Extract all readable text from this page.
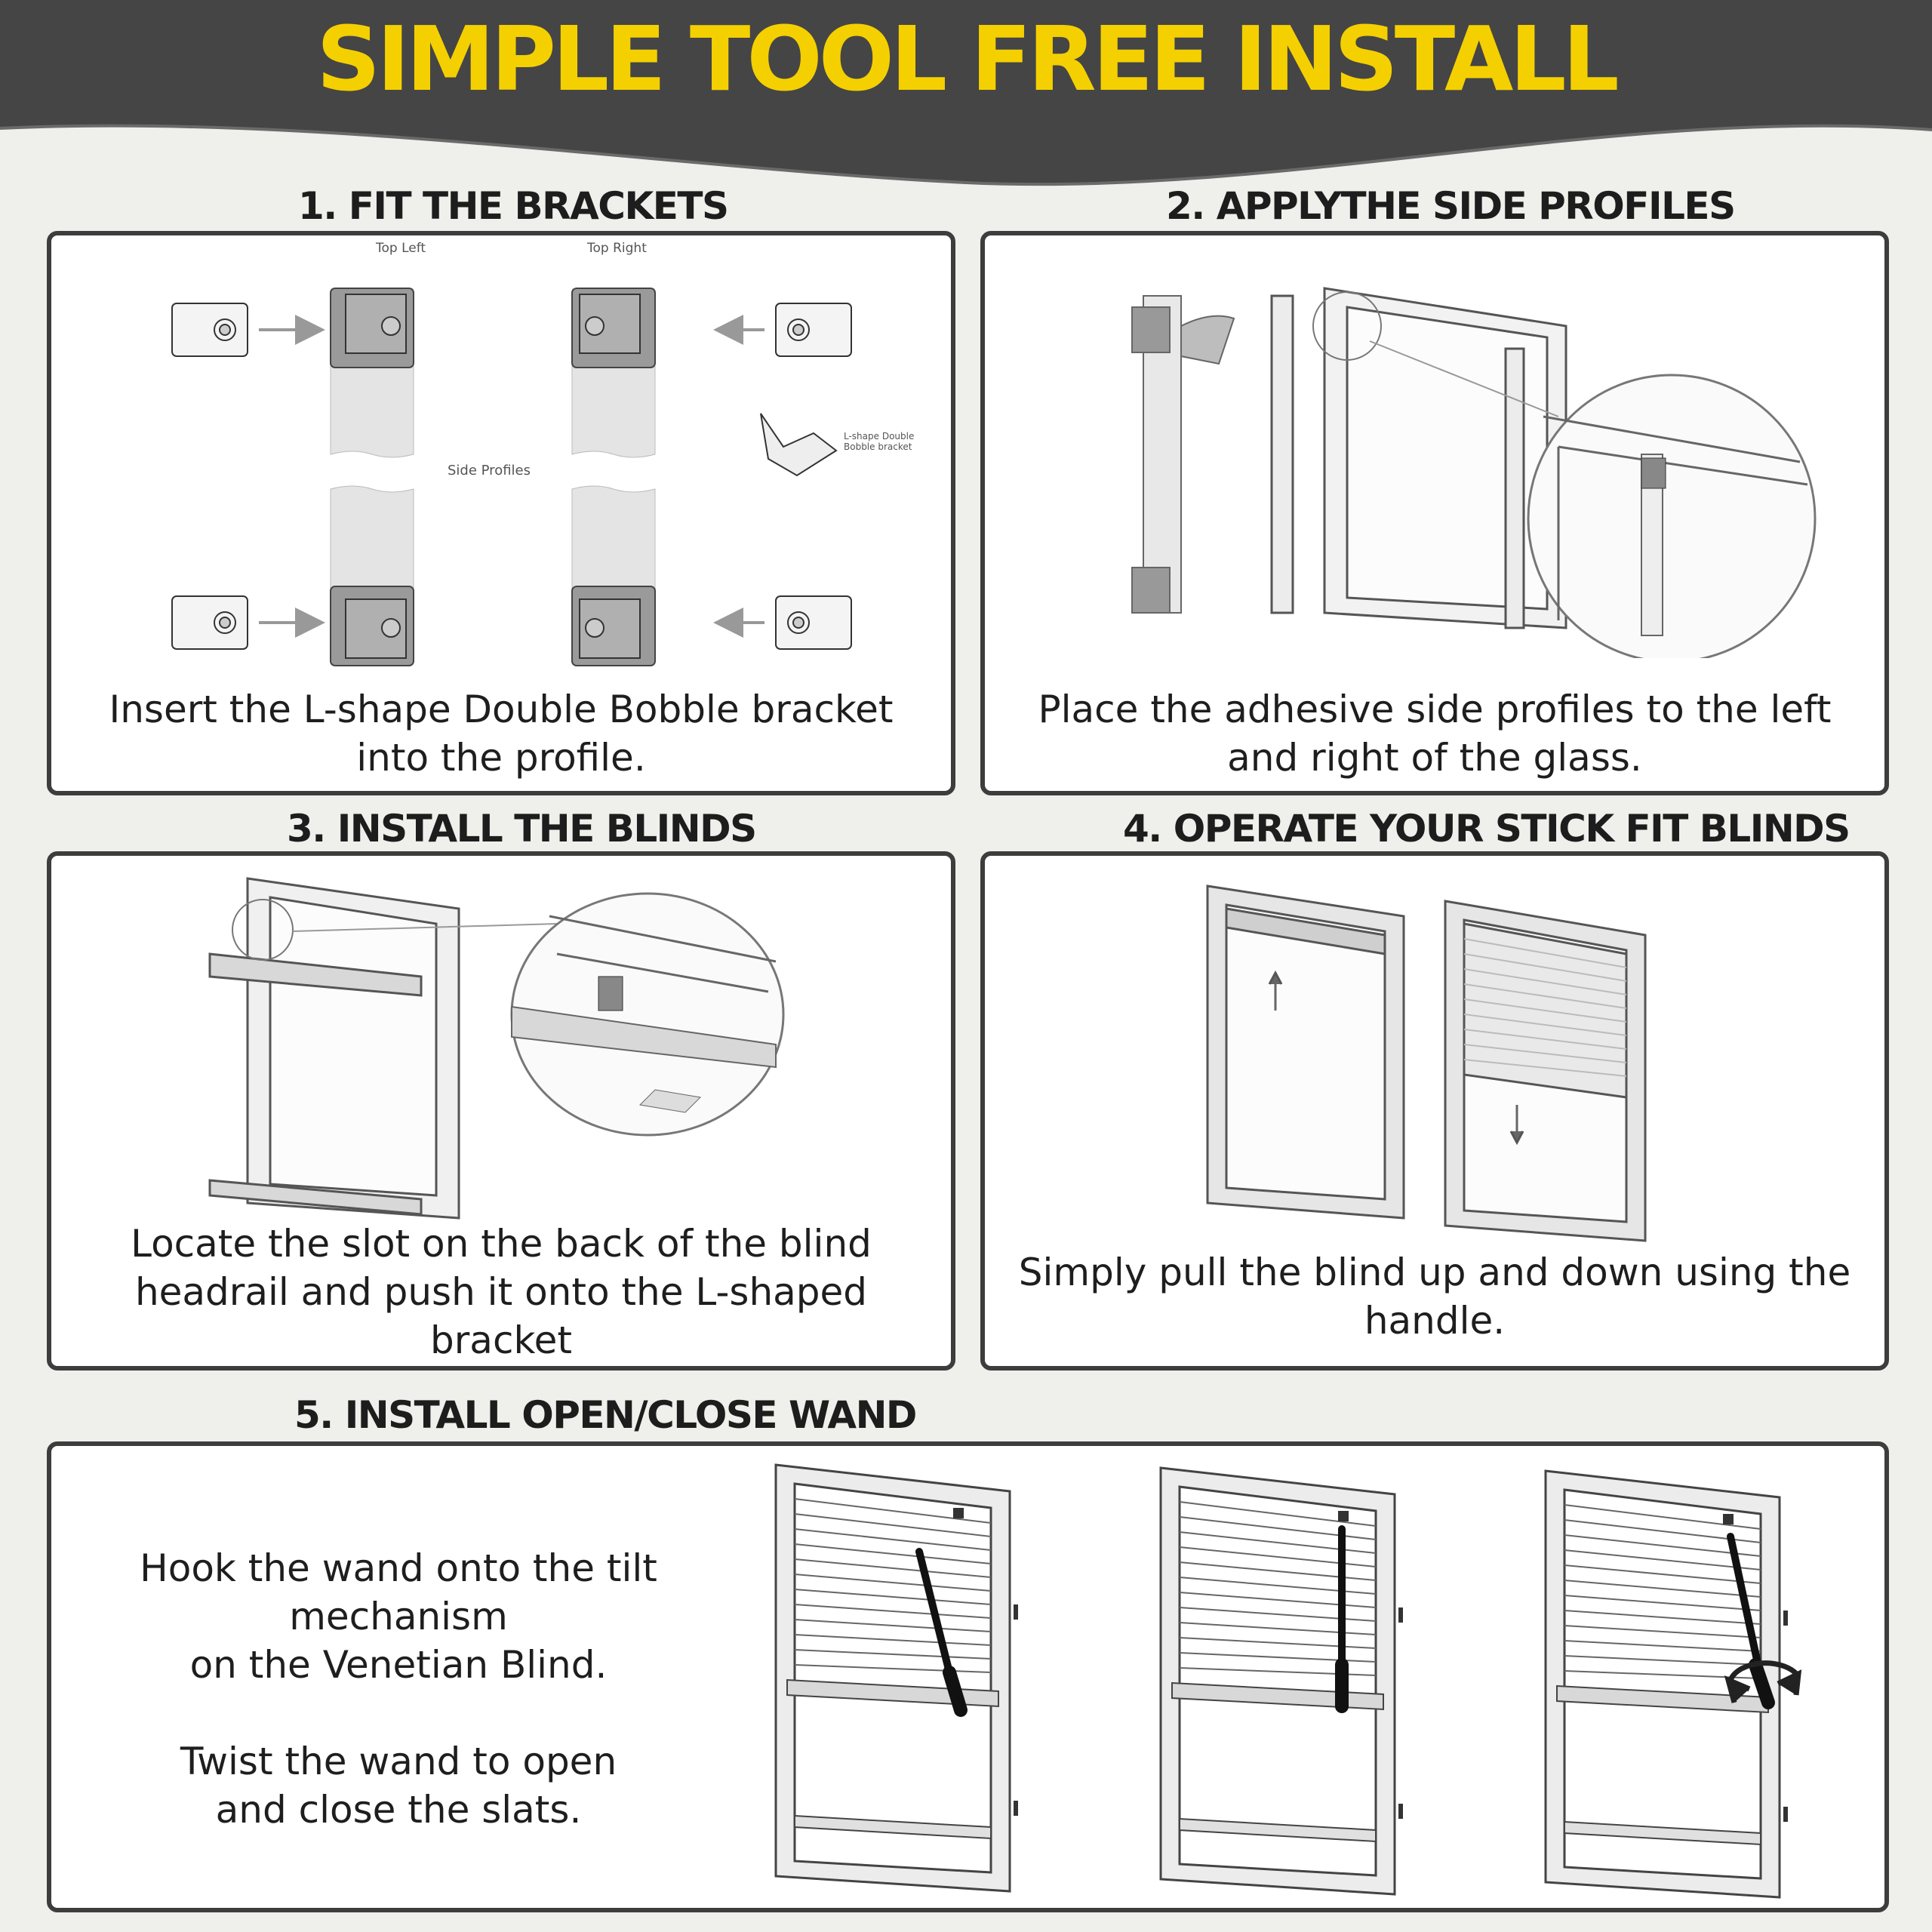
SIMPLE TOOL FREE INSTALL
1. FIT THE BRACKETS	2. APPLYTHE SIDE PROFILES
3. INSTALL THE BLINDS	4. OPERATE YOUR STICK FIT BLINDS
5. INSTALL OPEN/CLOSE WAND
Top Left	Top Right
Side Profiles
L-shape Double
Bobble bracket
Insert the L-shape Double Bobble bracket
into the profile.
Place the adhesive side profiles to the left
and right of the glass.
Locate the slot on the back of the blind
headrail and push it onto the L-shaped
bracket
Simply pull the blind up and down using the
handle.
Hook the wand onto the tilt
mechanism
on the Venetian Blind.
Twist the wand to open
and close the slats.
